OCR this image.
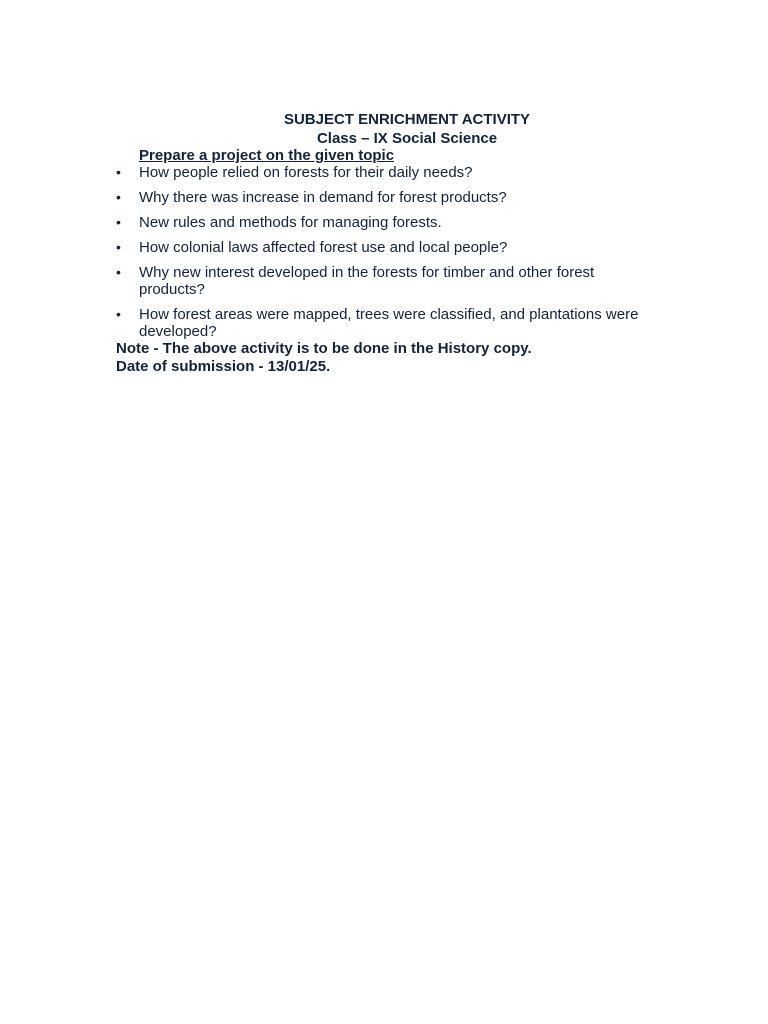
SUBJECT ENRICHMENT ACTIVITY

Class – IX Social Science

Prepare a project on the given topic

• How people relied on forests for their daily needs?
• Why there was increase in demand for forest products?
• New rules and methods for managing forests.
• How colonial laws affected forest use and local people?
• Why new interest developed in the forests for timber and other forest products?
• How forest areas were mapped, trees were classified, and plantations were developed?

Note - The above activity is to be done in the History copy.

Date of submission - 13/01/25.
